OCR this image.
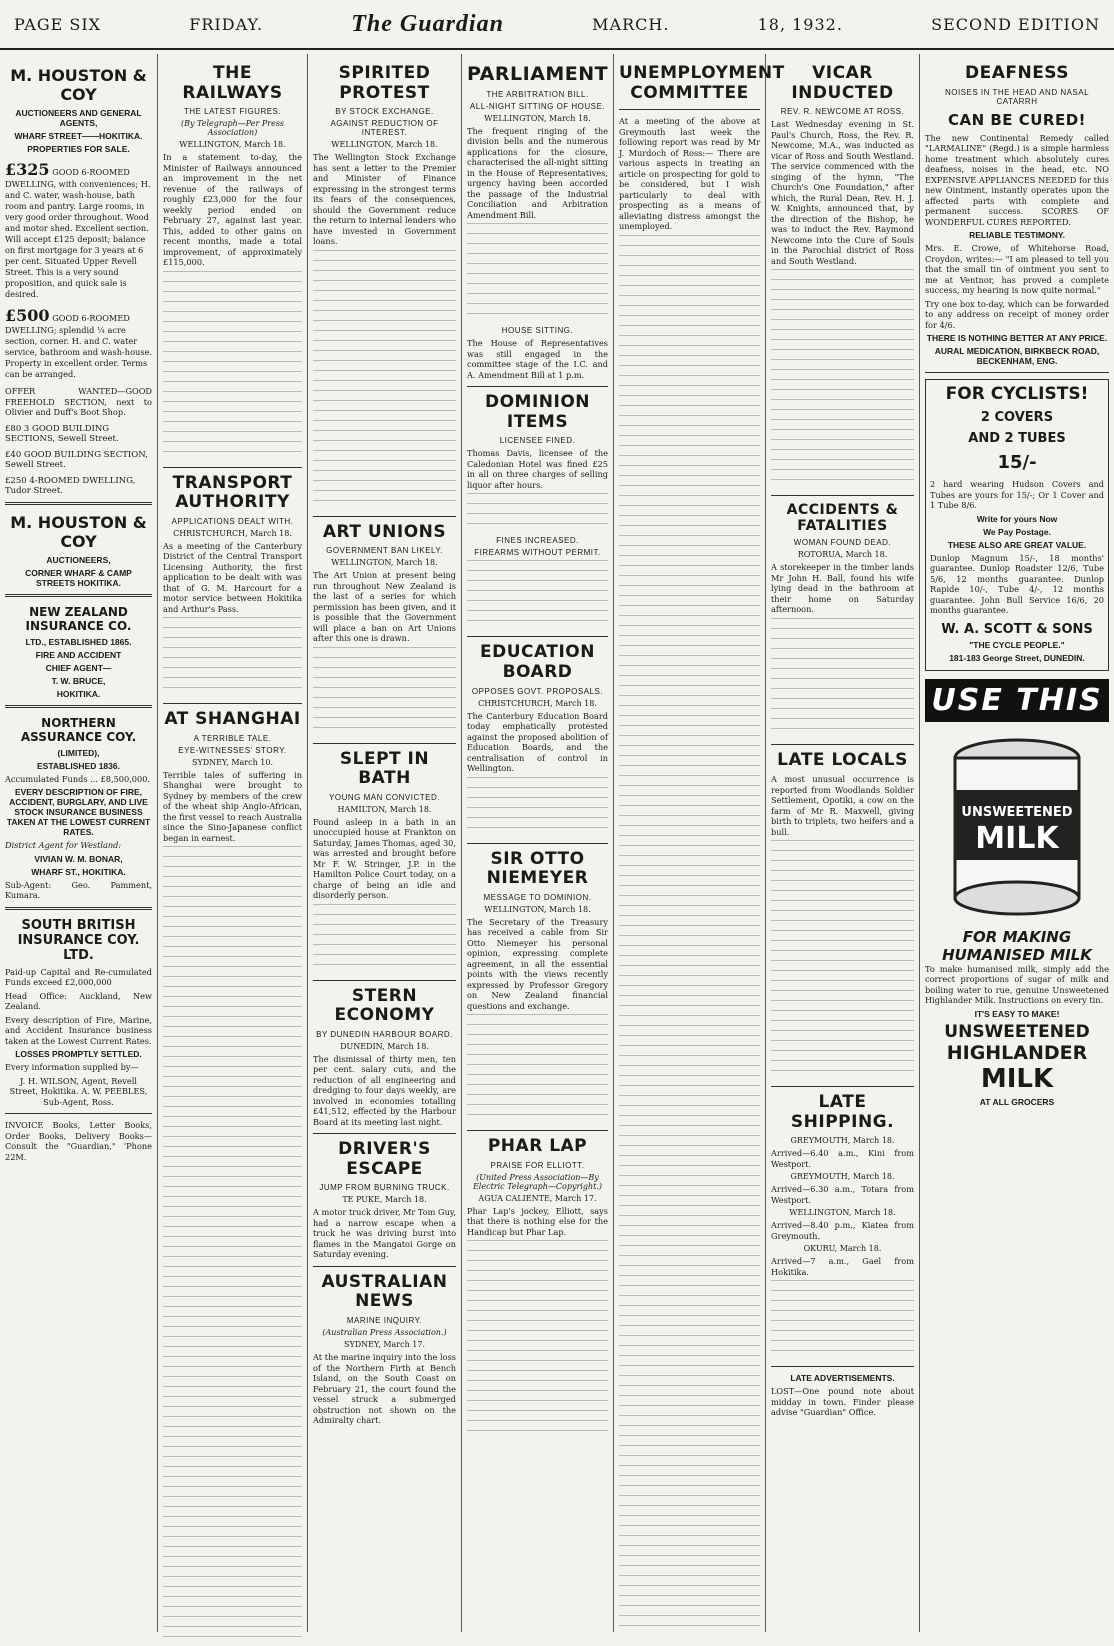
PAGE SIX	FRIDAY.	The Guardian	MARCH.	18, 1932.	SECOND EDITION
M. HOUSTON & COY
AUCTIONEERS AND GENERAL AGENTS,
WHARF STREET——HOKITIKA.
PROPERTIES FOR SALE.
£325 GOOD 6-ROOMED DWELLING, with conveniences; H. and C. water, wash-house, bath room and pantry. Large rooms, in very good order throughout. Wood and motor shed. Excellent section. Will accept £125 deposit; balance on first mortgage for 3 years at 6 per cent. Situated Upper Revell Street. This is a very sound proposition, and quick sale is desired.
£500 GOOD 6-ROOMED DWELLING; splendid ¼ acre section, corner. H. and C. water service, bathroom and wash-house. Property in excellent order. Terms can be arranged.
OFFER WANTED—GOOD FREEHOLD SECTION, next to Olivier and Duff's Boot Shop.
£80 3 GOOD BUILDING SECTIONS, Sewell Street.
£40 GOOD BUILDING SECTION, Sewell Street.
£250 4-ROOMED DWELLING, Tudor Street.
M. HOUSTON & COY
AUCTIONEERS,
CORNER WHARF & CAMP STREETS HOKITIKA.
NEW ZEALAND INSURANCE CO.
LTD., ESTABLISHED 1865.
FIRE AND ACCIDENT
CHIEF AGENT—
T. W. BRUCE,
HOKITIKA.
NORTHERN ASSURANCE COY.
(LIMITED),
ESTABLISHED 1836.
Accumulated Funds ... £8,500,000.
EVERY DESCRIPTION OF FIRE, ACCIDENT, BURGLARY, AND LIVE STOCK INSURANCE BUSINESS TAKEN AT THE LOWEST CURRENT RATES.
District Agent for Westland:
VIVIAN W. M. BONAR,
WHARF ST., HOKITIKA.
Sub-Agent: Geo. Pamment, Kumara.
SOUTH BRITISH INSURANCE COY. LTD.
Paid-up Capital and Re-cumulated Funds exceed £2,000,000
Head Office: Auckland, New Zealand.
Every description of Fire, Marine, and Accident Insurance business taken at the Lowest Current Rates.
LOSSES PROMPTLY SETTLED.
Every information supplied by—
J. H. WILSON, Agent, Revell Street, Hokitika. A. W. PEEBLES, Sub-Agent, Ross.
INVOICE Books, Letter Books, Order Books, Delivery Books—Consult the "Guardian," 'Phone 22M.
THE RAILWAYS
THE LATEST FIGURES.
(By Telegraph—Per Press Association)
WELLINGTON, March 18.
In a statement to-day, the Minister of Railways announced an improvement in the net revenue of the railways of roughly £23,000 for the four weekly period ended on February 27, against last year. This, added to other gains on recent months, made a total improvement, of approximately £115,000.
TRANSPORT AUTHORITY
APPLICATIONS DEALT WITH.
CHRISTCHURCH, March 18.
As a meeting of the Canterbury District of the Central Transport Licensing Authority, the first application to be dealt with was that of G. M. Harcourt for a motor service between Hokitika and Arthur's Pass.
AT SHANGHAI
A TERRIBLE TALE.
EYE-WITNESSES' STORY.
SYDNEY, March 10.
Terrible tales of suffering in Shanghai were brought to Sydney by members of the crew of the wheat ship Anglo-African, the first vessel to reach Australia since the Sino-Japanese conflict began in earnest.
SPIRITED PROTEST
BY STOCK EXCHANGE.
AGAINST REDUCTION OF INTEREST.
WELLINGTON, March 18.
The Wellington Stock Exchange has sent a letter to the Premier and Minister of Finance expressing in the strongest terms its fears of the consequences, should the Government reduce the return to internal lenders who have invested in Government loans.
ART UNIONS
GOVERNMENT BAN LIKELY.
WELLINGTON, March 18.
The Art Union at present being run throughout New Zealand is the last of a series for which permission has been given, and it is possible that the Government will place a ban on Art Unions after this one is drawn.
SLEPT IN BATH
YOUNG MAN CONVICTED.
HAMILTON, March 18.
Found asleep in a bath in an unoccupied house at Frankton on Saturday, James Thomas, aged 30, was arrested and brought before Mr F. W. Stringer, J.P. in the Hamilton Police Court today, on a charge of being an idle and disorderly person.
STERN ECONOMY
BY DUNEDIN HARBOUR BOARD.
DUNEDIN, March 18.
The dismissal of thirty men, ten per cent. salary cuts, and the reduction of all engineering and dredging to four days weekly, are involved in economies totalling £41,512, effected by the Harbour Board at its meeting last night.
DRIVER'S ESCAPE
JUMP FROM BURNING TRUCK.
TE PUKE, March 18.
A motor truck driver, Mr Tom Guy, had a narrow escape when a truck he was driving burst into flames in the Mangatoi Gorge on Saturday evening.
AUSTRALIAN NEWS
MARINE INQUIRY.
(Australian Press Association.)
SYDNEY, March 17.
At the marine inquiry into the loss of the Northern Firth at Bench Island, on the South Coast on February 21, the court found the vessel struck a submerged obstruction not shown on the Admiralty chart.
PARLIAMENT
THE ARBITRATION BILL.
ALL-NIGHT SITTING OF HOUSE.
WELLINGTON, March 18.
The frequent ringing of the division bells and the numerous applications for the closure, characterised the all-night sitting in the House of Representatives, urgency having been accorded the passage of the Industrial Conciliation and Arbitration Amendment Bill.
HOUSE SITTING.
The House of Representatives was still engaged in the committee stage of the I.C. and A. Amendment Bill at 1 p.m.
DOMINION ITEMS
LICENSEE FINED.
Thomas Davis, licensee of the Caledonian Hotel was fined £25 in all on three charges of selling liquor after hours.
FINES INCREASED.
FIREARMS WITHOUT PERMIT.
EDUCATION BOARD
OPPOSES GOVT. PROPOSALS.
CHRISTCHURCH, March 18.
The Canterbury Education Board today emphatically protested against the proposed abolition of Education Boards, and the centralisation of control in Wellington.
SIR OTTO NIEMEYER
MESSAGE TO DOMINION.
WELLINGTON, March 18.
The Secretary of the Treasury has received a cable from Sir Otto Niemeyer his personal opinion, expressing complete agreement, in all the essential points with the views recently expressed by Professor Gregory on New Zealand financial questions and exchange.
PHAR LAP
PRAISE FOR ELLIOTT.
(United Press Association—By Electric Telegraph—Copyright.)
AGUA CALIENTE, March 17.
Phar Lap's jockey, Elliott, says that there is nothing else for the Handicap but Phar Lap.
UNEMPLOYMENT COMMITTEE
At a meeting of the above at Greymouth last week the following report was read by Mr J. Murdoch of Ross:— There are various aspects in treating an article on prospecting for gold to be considered, but I wish particularly to deal with prospecting as a means of alleviating distress amongst the unemployed.
VICAR INDUCTED
REV. R. NEWCOME AT ROSS.
Last Wednesday evening in St. Paul's Church, Ross, the Rev. R. Newcome, M.A., was inducted as vicar of Ross and South Westland. The service commenced with the singing of the hymn, "The Church's One Foundation," after which, the Rural Dean, Rev. H. J. W. Knights, announced that, by the direction of the Bishop, he was to induct the Rev. Raymond Newcome into the Cure of Souls in the Parochial district of Ross and South Westland.
ACCIDENTS & FATALITIES
WOMAN FOUND DEAD.
ROTORUA, March 18.
A storekeeper in the timber lands Mr John H. Ball, found his wife lying dead in the bathroom at their home on Saturday afternoon.
LATE LOCALS
A most unusual occurrence is reported from Woodlands Soldier Settlement, Opotiki, a cow on the farm of Mr R. Maxwell, giving birth to triplets, two heifers and a bull.
LATE SHIPPING.
GREYMOUTH, March 18.
Arrived—6.40 a.m., Kini from Westport.
GREYMOUTH, March 18.
Arrived—6.30 a.m., Totara from Westport.
WELLINGTON, March 18.
Arrived—8.40 p.m., Kiatea from Greymouth.
OKURU, March 18.
Arrived—7 a.m., Gael from Hokitika.
LATE ADVERTISEMENTS.
LOST—One pound note about midday in town. Finder please advise "Guardian" Office.
DEAFNESS
NOISES IN THE HEAD AND NASAL CATARRH
CAN BE CURED!
The new Continental Remedy called "LARMALINE" (Regd.) is a simple harmless home treatment which absolutely cures deafness, noises in the head, etc. NO EXPENSIVE APPLIANCES NEEDED for this new Ointment, instantly operates upon the affected parts with complete and permanent success. SCORES OF WONDERFUL CURES REPORTED.
RELIABLE TESTIMONY.
Mrs. E. Crowe, of Whitehorse Road, Croydon, writes:— "I am pleased to tell you that the small tin of ointment you sent to me at Ventnor, has proved a complete success, my hearing is now quite normal."
Try one box to-day, which can be forwarded to any address on receipt of money order for 4/6.
THERE IS NOTHING BETTER AT ANY PRICE.
AURAL MEDICATION, BIRKBECK ROAD, BECKENHAM, ENG.
FOR CYCLISTS!
2 COVERS
AND 2 TUBES
15/-
2 hard wearing Hudson Covers and Tubes are yours for 15/-; Or 1 Cover and 1 Tube 8/6.
Write for yours Now
We Pay Postage.
THESE ALSO ARE GREAT VALUE.
Dunlop Magnum 15/-, 18 months' guarantee. Dunlop Roadster 12/6, Tube 5/6, 12 months guarantee. Dunlop Rapide 10/-, Tube 4/-, 12 months guarantee. John Bull Service 16/6, 20 months guarantee.
W. A. SCOTT & SONS
"THE CYCLE PEOPLE."
181-183 George Street, DUNEDIN.
USE THIS
UNSWEETENED
MILK
FOR MAKING HUMANISED MILK
To make humanised milk, simply add the correct proportions of sugar of milk and boiling water to rue, genuine Unsweetened Highlander Milk. Instructions on every tin.
IT'S EASY TO MAKE!
UNSWEETENED
HIGHLANDER
MILK
AT ALL GROCERS
